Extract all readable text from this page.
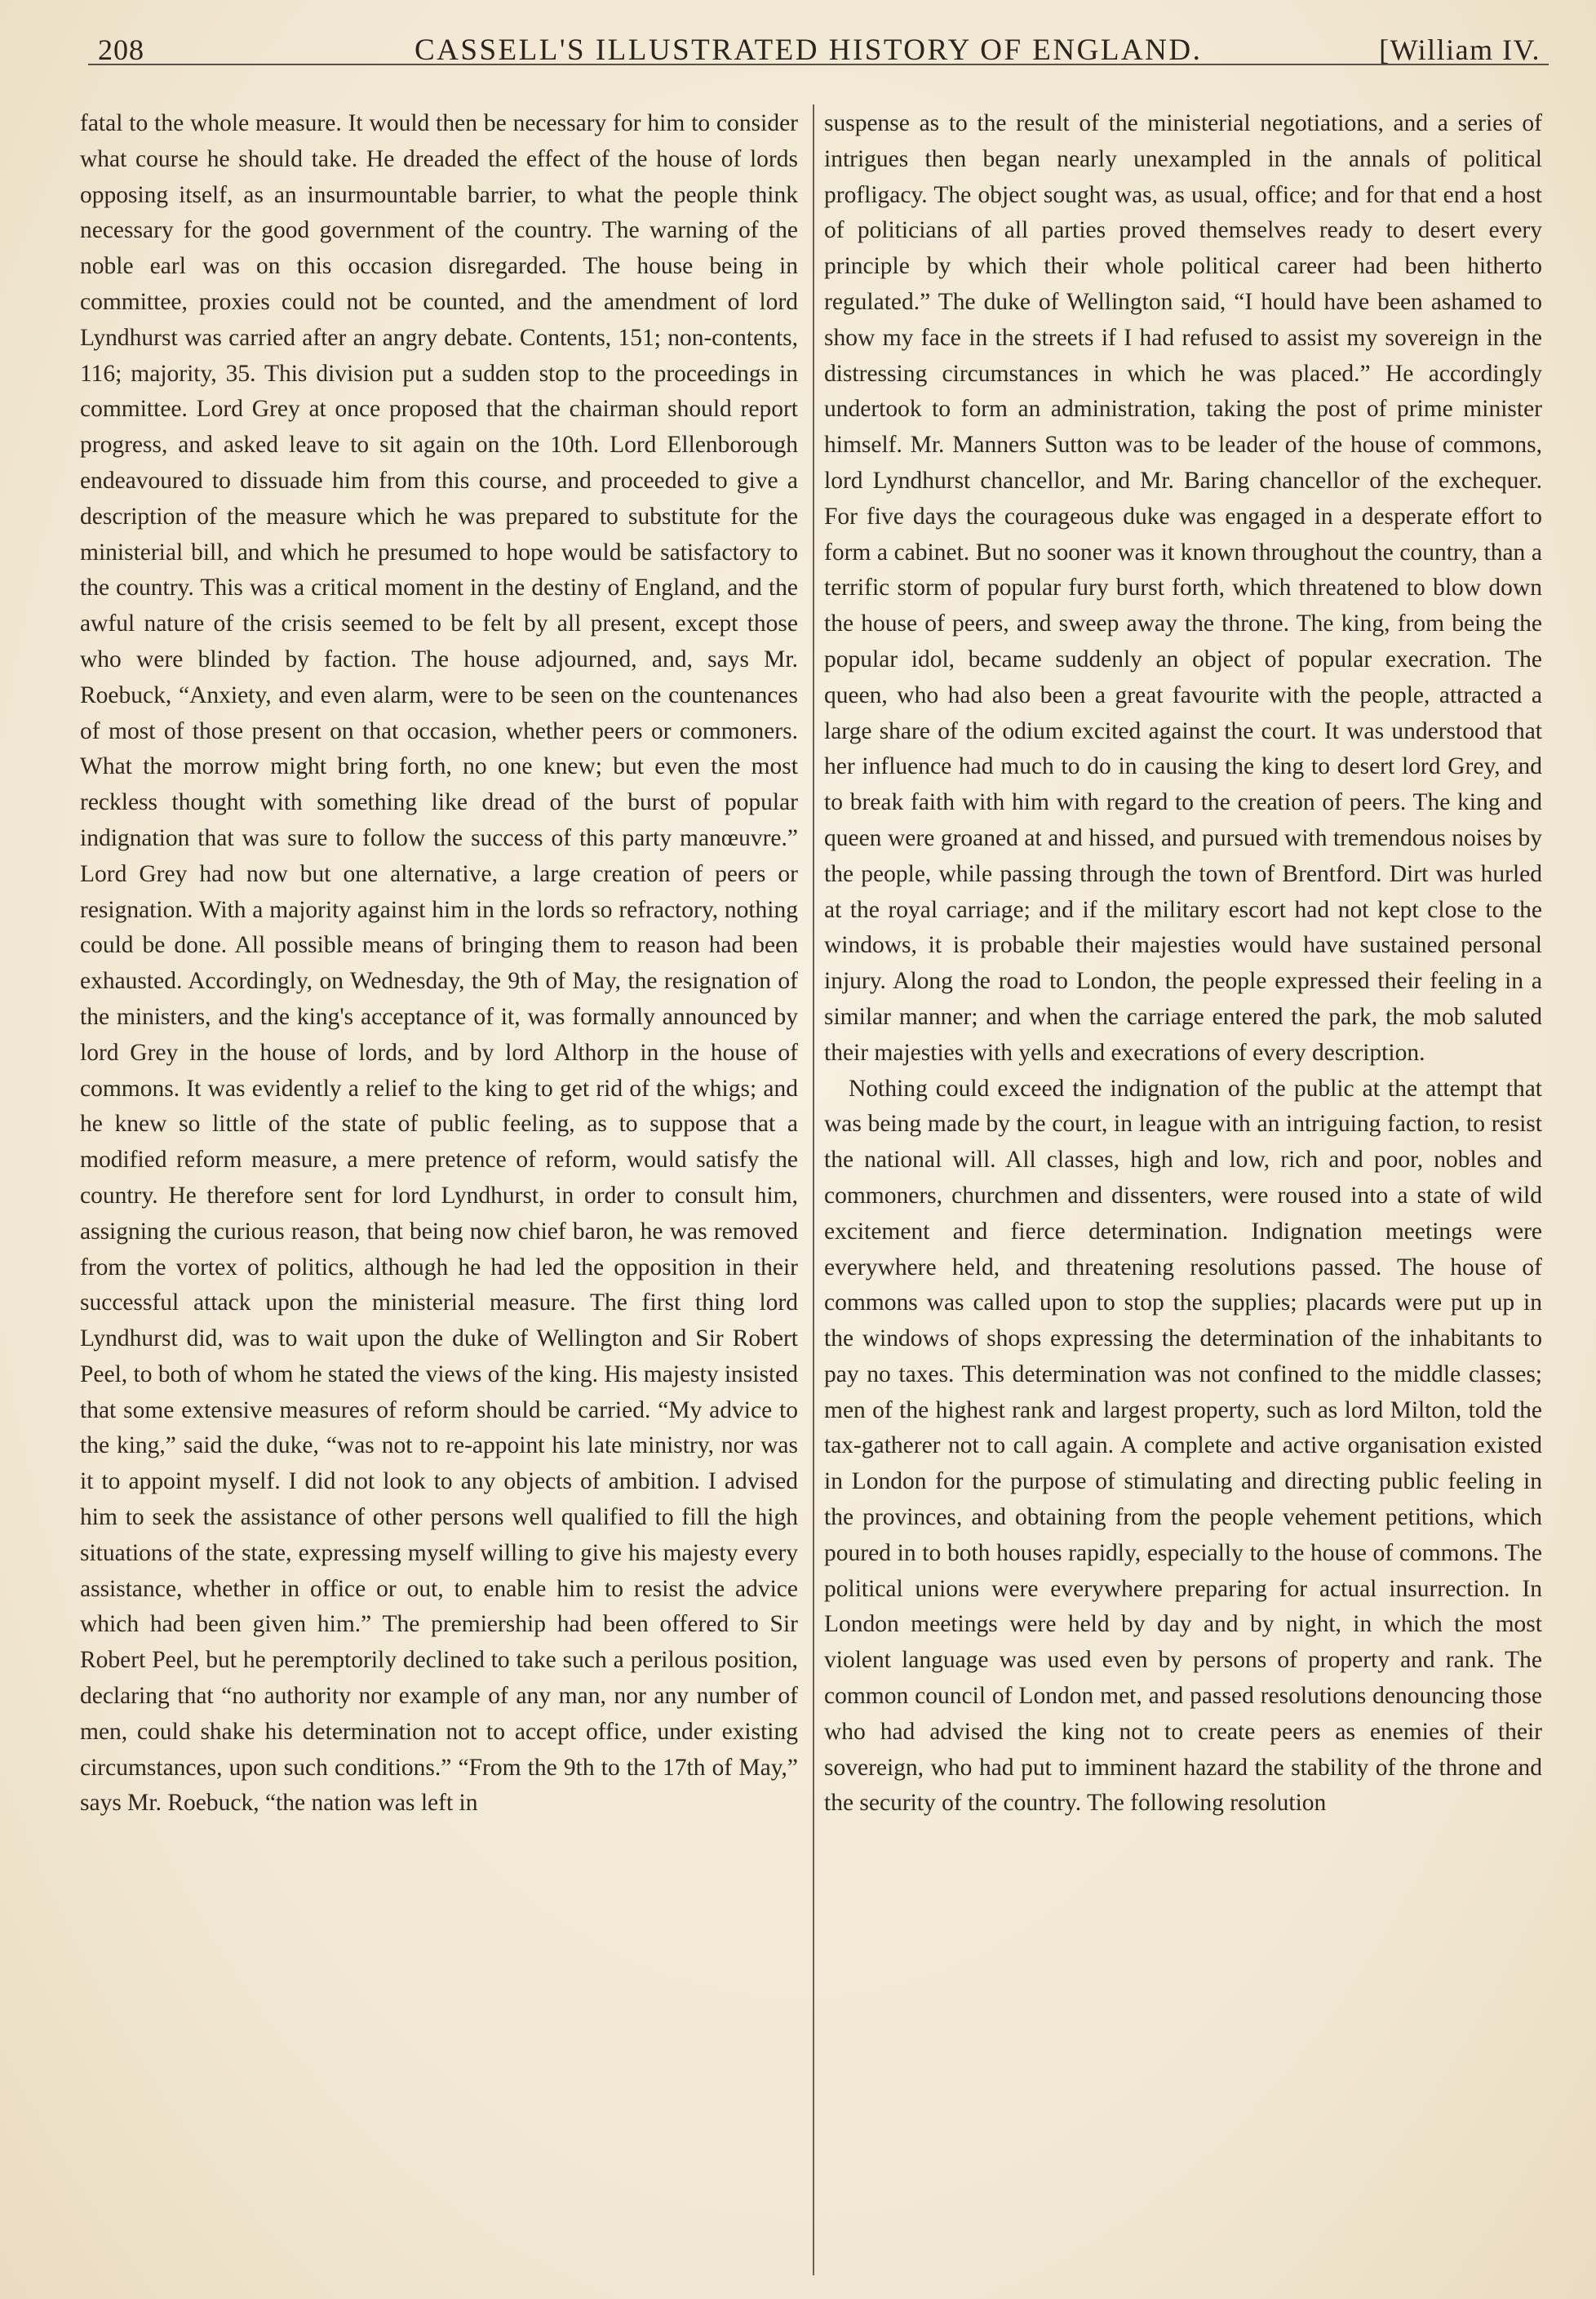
208	CASSELL'S ILLUSTRATED HISTORY OF ENGLAND.	[William IV.

fatal to the whole measure. It would then be necessary for him to consider what course he should take. He dreaded the effect of the house of lords opposing itself, as an insurmountable barrier, to what the people think necessary for the good government of the country. The warning of the noble earl was on this occasion disregarded. The house being in committee, proxies could not be counted, and the amendment of lord Lyndhurst was carried after an angry debate. Contents, 151; non-contents, 116; majority, 35. This division put a sudden stop to the proceedings in committee. Lord Grey at once proposed that the chairman should report progress, and asked leave to sit again on the 10th. Lord Ellenborough endeavoured to dissuade him from this course, and proceeded to give a description of the measure which he was prepared to substitute for the ministerial bill, and which he presumed to hope would be satisfactory to the country. This was a critical moment in the destiny of England, and the awful nature of the crisis seemed to be felt by all present, except those who were blinded by faction. The house adjourned, and, says Mr. Roebuck, “Anxiety, and even alarm, were to be seen on the countenances of most of those present on that occasion, whether peers or commoners. What the morrow might bring forth, no one knew; but even the most reckless thought with something like dread of the burst of popular indignation that was sure to follow the success of this party manœuvre.” Lord Grey had now but one alternative, a large creation of peers or resignation. With a majority against him in the lords so refractory, nothing could be done. All possible means of bringing them to reason had been exhausted. Accordingly, on Wednesday, the 9th of May, the resignation of the ministers, and the king's acceptance of it, was formally announced by lord Grey in the house of lords, and by lord Althorp in the house of commons. It was evidently a relief to the king to get rid of the whigs; and he knew so little of the state of public feeling, as to suppose that a modified reform measure, a mere pretence of reform, would satisfy the country. He therefore sent for lord Lyndhurst, in order to consult him, assigning the curious reason, that being now chief baron, he was removed from the vortex of politics, although he had led the opposition in their successful attack upon the ministerial measure. The first thing lord Lyndhurst did, was to wait upon the duke of Wellington and Sir Robert Peel, to both of whom he stated the views of the king. His majesty insisted that some extensive measures of reform should be carried. “My advice to the king,” said the duke, “was not to re-appoint his late ministry, nor was it to appoint myself. I did not look to any objects of ambition. I advised him to seek the assistance of other persons well qualified to fill the high situations of the state, expressing myself willing to give his majesty every assistance, whether in office or out, to enable him to resist the advice which had been given him.” The premiership had been offered to Sir Robert Peel, but he peremptorily declined to take such a perilous position, declaring that “no authority nor example of any man, nor any number of men, could shake his determination not to accept office, under existing circumstances, upon such conditions.” “From the 9th to the 17th of May,” says Mr. Roebuck, “the nation was left in

suspense as to the result of the ministerial negotiations, and a series of intrigues then began nearly unexampled in the annals of political profligacy. The object sought was, as usual, office; and for that end a host of politicians of all parties proved themselves ready to desert every principle by which their whole political career had been hitherto regulated.” The duke of Wellington said, “I hould have been ashamed to show my face in the streets if I had refused to assist my sovereign in the distressing circumstances in which he was placed.” He accordingly undertook to form an administration, taking the post of prime minister himself. Mr. Manners Sutton was to be leader of the house of commons, lord Lyndhurst chancellor, and Mr. Baring chancellor of the exchequer. For five days the courageous duke was engaged in a desperate effort to form a cabinet. But no sooner was it known throughout the country, than a terrific storm of popular fury burst forth, which threatened to blow down the house of peers, and sweep away the throne. The king, from being the popular idol, became suddenly an object of popular execration. The queen, who had also been a great favourite with the people, attracted a large share of the odium excited against the court. It was understood that her influence had much to do in causing the king to desert lord Grey, and to break faith with him with regard to the creation of peers. The king and queen were groaned at and hissed, and pursued with tremendous noises by the people, while passing through the town of Brentford. Dirt was hurled at the royal carriage; and if the military escort had not kept close to the windows, it is probable their majesties would have sustained personal injury. Along the road to London, the people expressed their feeling in a similar manner; and when the carriage entered the park, the mob saluted their majesties with yells and execrations of every description.

Nothing could exceed the indignation of the public at the attempt that was being made by the court, in league with an intriguing faction, to resist the national will. All classes, high and low, rich and poor, nobles and commoners, churchmen and dissenters, were roused into a state of wild excitement and fierce determination. Indignation meetings were everywhere held, and threatening resolutions passed. The house of commons was called upon to stop the supplies; placards were put up in the windows of shops expressing the determination of the inhabitants to pay no taxes. This determination was not confined to the middle classes; men of the highest rank and largest property, such as lord Milton, told the tax-gatherer not to call again. A complete and active organisation existed in London for the purpose of stimulating and directing public feeling in the provinces, and obtaining from the people vehement petitions, which poured in to both houses rapidly, especially to the house of commons. The political unions were everywhere preparing for actual insurrection. In London meetings were held by day and by night, in which the most violent language was used even by persons of property and rank. The common council of London met, and passed resolutions denouncing those who had advised the king not to create peers as enemies of their sovereign, who had put to imminent hazard the stability of the throne and the security of the country. The following resolution
